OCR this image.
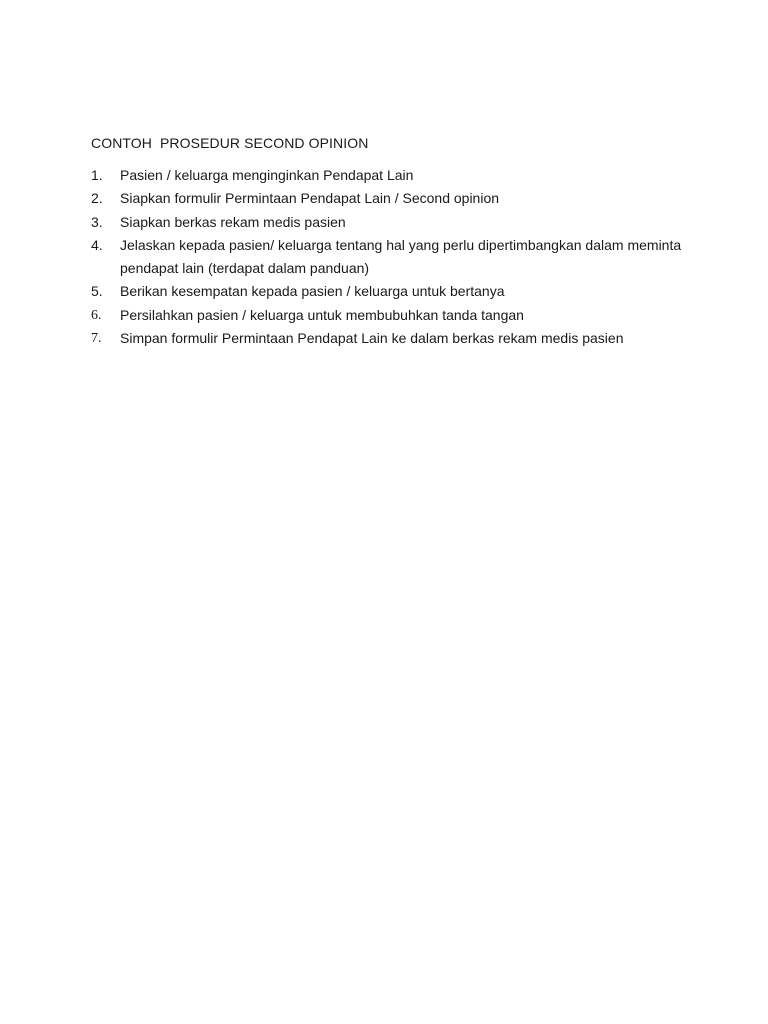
CONTOH  PROSEDUR SECOND OPINION
1.	Pasien / keluarga menginginkan Pendapat Lain
2.	Siapkan formulir Permintaan Pendapat Lain / Second opinion
3.	Siapkan berkas rekam medis pasien
4.	Jelaskan kepada pasien/ keluarga tentang hal yang perlu dipertimbangkan dalam meminta pendapat lain (terdapat dalam panduan)
5.	Berikan kesempatan kepada pasien / keluarga untuk bertanya
6.	Persilahkan pasien / keluarga untuk membubuhkan tanda tangan
7.	Simpan formulir Permintaan Pendapat Lain ke dalam berkas rekam medis pasien
